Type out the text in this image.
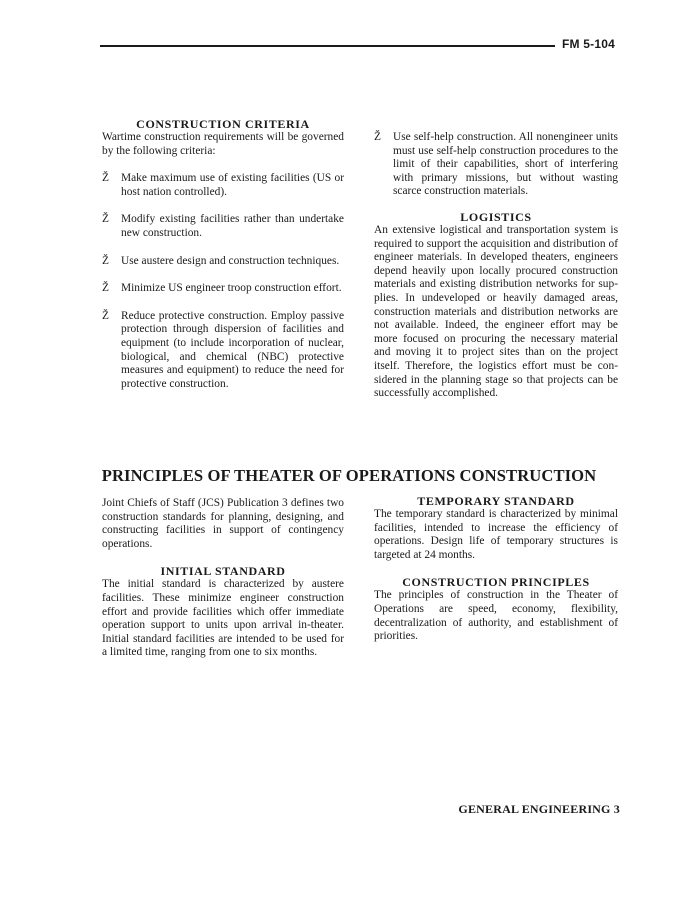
FM 5-104
CONSTRUCTION CRITERIA

Wartime construction requirements will be governed by the following criteria:

Ž Make maximum use of existing facilities (US or host nation controlled).
Ž Modify existing facilities rather than undertake new construction.
Ž Use austere design and construction techniques.
Ž Minimize US engineer troop construction effort.
Ž Reduce protective construction. Employ passive protection through dispersion of facilities and equipment (to include incorporation of nuclear, biological, and chemical (NBC) protective measures and equipment) to reduce the need for protective construction.
Ž Use self-help construction. All nonengineer units must use self-help construction procedures to the limit of their capabilities, short of interfering with primary missions, but without wasting scarce construction materials.
LOGISTICS

An extensive logistical and transportation system is required to support the acquisition and distribution of engineer materials. In developed theaters, engineers depend heavily upon locally procured construction materials and existing distribution networks for supplies. In undeveloped or heavily damaged areas, construction materials and distribution networks are not available. Indeed, the engineer effort may be more focused on procuring the necessary material and moving it to project sites than on the project itself. Therefore, the logistics effort must be considered in the planning stage so that projects can be successfully accomplished.

PRINCIPLES OF THEATER OF OPERATIONS CONSTRUCTION

Joint Chiefs of Staff (JCS) Publication 3 defines two construction standards for planning, designing, and constructing facilities in support of contingency operations.

INITIAL STANDARD

The initial standard is characterized by austere facilities. These minimize engineer construction effort and provide facilities which offer immediate operation support to units upon arrival in-theater. Initial standard facilities are intended to be used for a limited time, ranging from one to six months.

TEMPORARY STANDARD

The temporary standard is characterized by minimal facilities, intended to increase the efficiency of operations. Design life of temporary structures is targeted at 24 months.

CONSTRUCTION PRINCIPLES

The principles of construction in the Theater of Operations are speed, economy, flexibility, decentralization of authority, and establishment of priorities.

GENERAL ENGINEERING 3
